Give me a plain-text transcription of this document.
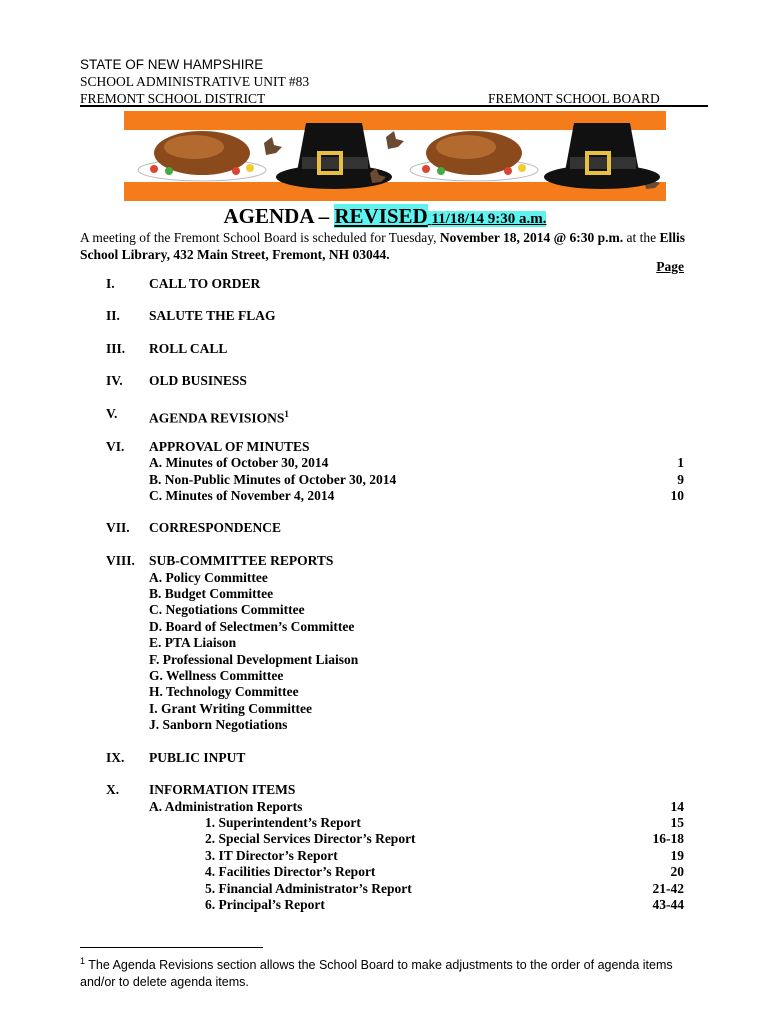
STATE OF NEW HAMPSHIRE
SCHOOL ADMINISTRATIVE UNIT #83
FREMONT SCHOOL DISTRICT	FREMONT SCHOOL BOARD
AGENDA – REVISED 11/18/14 9:30 a.m.
A meeting of the Fremont School Board is scheduled for Tuesday, November 18, 2014 @ 6:30 p.m. at the Ellis School Library, 432 Main Street, Fremont, NH 03044.
Page
I.	CALL TO ORDER
II. SALUTE THE FLAG
III. ROLL CALL
IV. OLD BUSINESS
V. AGENDA REVISIONS$^1$
VI. APPROVAL OF MINUTES
A. Minutes of October 30, 2014	1
B. Non-Public Minutes of October 30, 2014	9
C. Minutes of November 4, 2014	10
VII. CORRESPONDENCE
VIII. SUB-COMMITTEE REPORTS
A. Policy Committee
B. Budget Committee
C. Negotiations Committee
D. Board of Selectmen’s Committee
E. PTA Liaison
F. Professional Development Liaison
G. Wellness Committee
H. Technology Committee
I. Grant Writing Committee
J. Sanborn Negotiations
IX. PUBLIC INPUT
X. INFORMATION ITEMS
A. Administration Reports	14
1. Superintendent’s Report	15
2. Special Services Director’s Report	16-18
3. IT Director’s Report	19
4. Facilities Director’s Report	20
5. Financial Administrator’s Report	21-42
6. Principal’s Report	43-44
$^1$ The Agenda Revisions section allows the School Board to make adjustments to the order of agenda items and/or to delete agenda items.
